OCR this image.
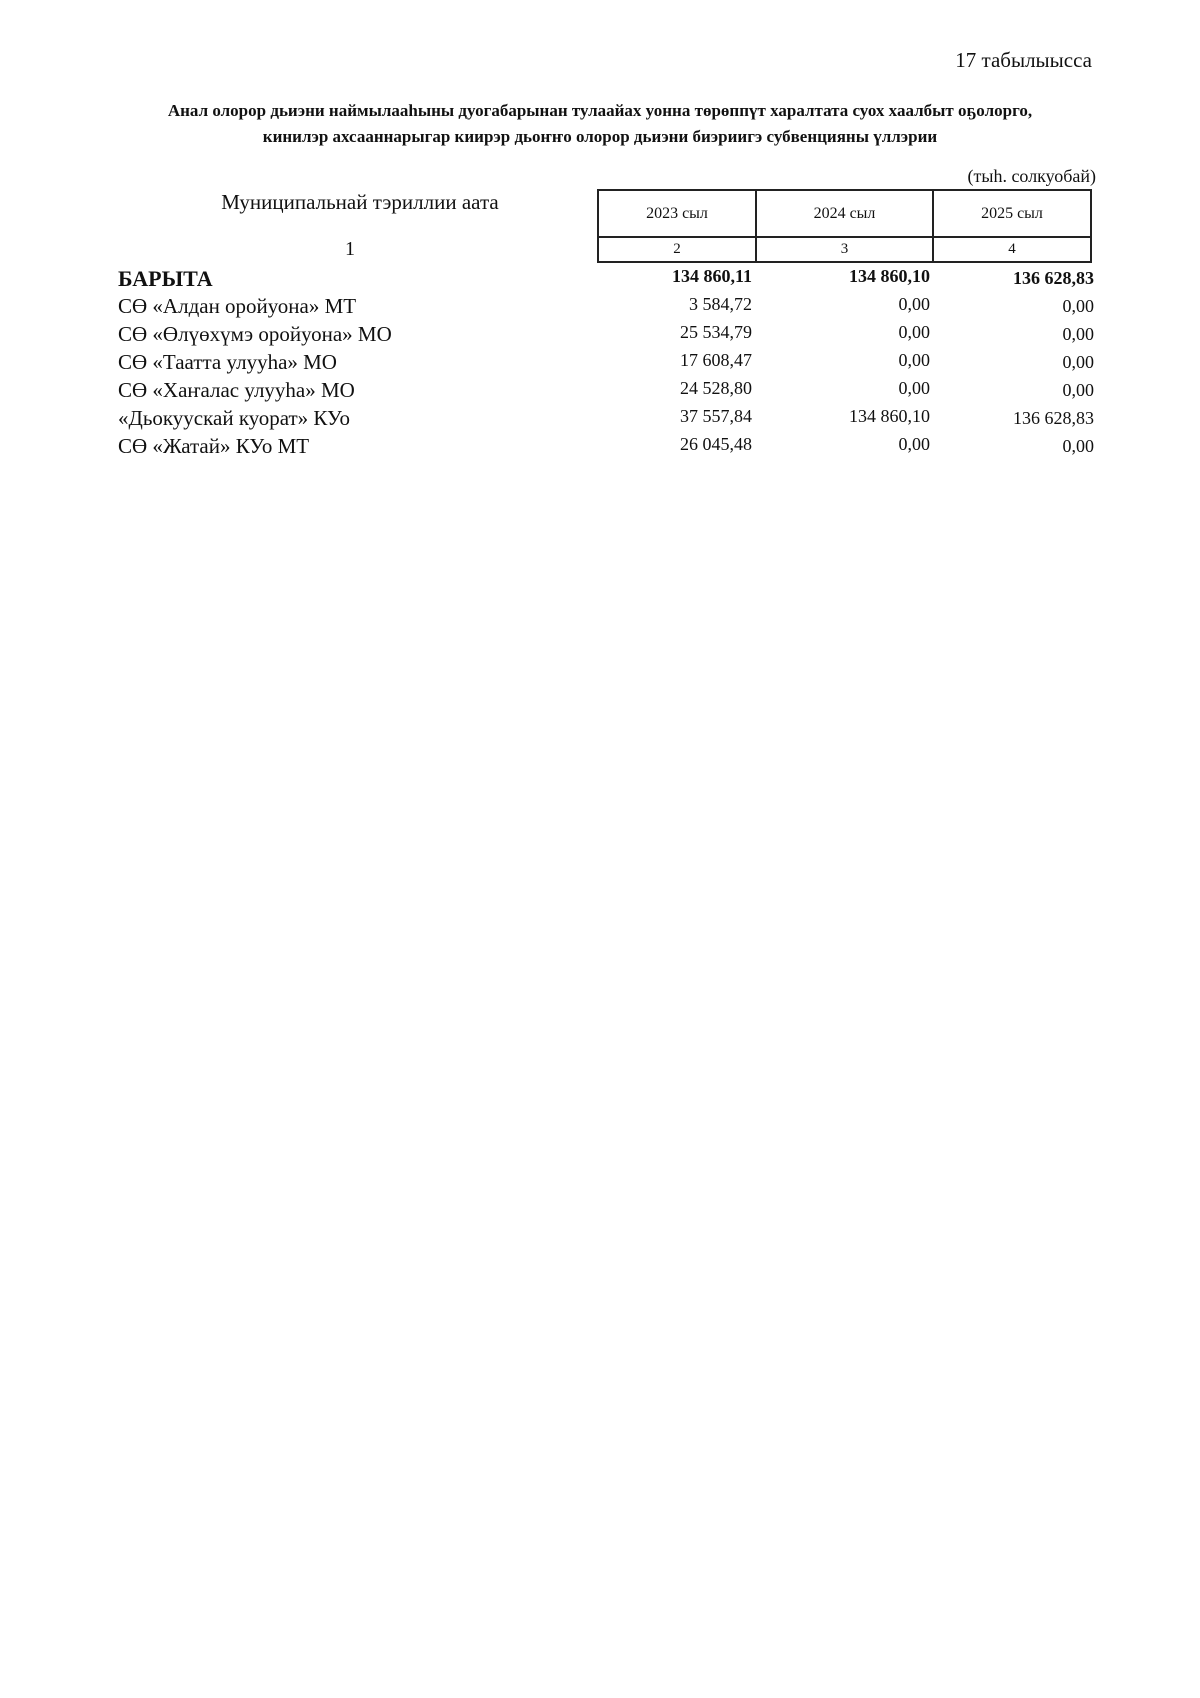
17 табылыысса
Анал олорор дьиэни наймылааһыны дуогабарынан тулаайах уонна төрөппүт харалтата суох хаалбыт оҕолорго,
кинилэр ахсааннарыгар киирэр дьоҥҥо олорор дьиэни биэриигэ субвенцияны үллэрии
(тыһ. солкуобай)
Муниципальнай тэриллии аата
1
2023 сыл	2024 сыл	2025 сыл
2	3	4
БАРЫТА	134 860,11	134 860,10	136 628,83
СӨ «Алдан оройуона» МТ	3 584,72	0,00	0,00
СӨ «Өлүөхүмэ оройуона» МО	25 534,79	0,00	0,00
СӨ «Таатта улууһа» МО	17 608,47	0,00	0,00
СӨ «Хаҥалас улууһа» МО	24 528,80	0,00	0,00
«Дьокуускай куорат» КУо	37 557,84	134 860,10	136 628,83
СӨ «Жатай» КУо МТ	26 045,48	0,00	0,00
